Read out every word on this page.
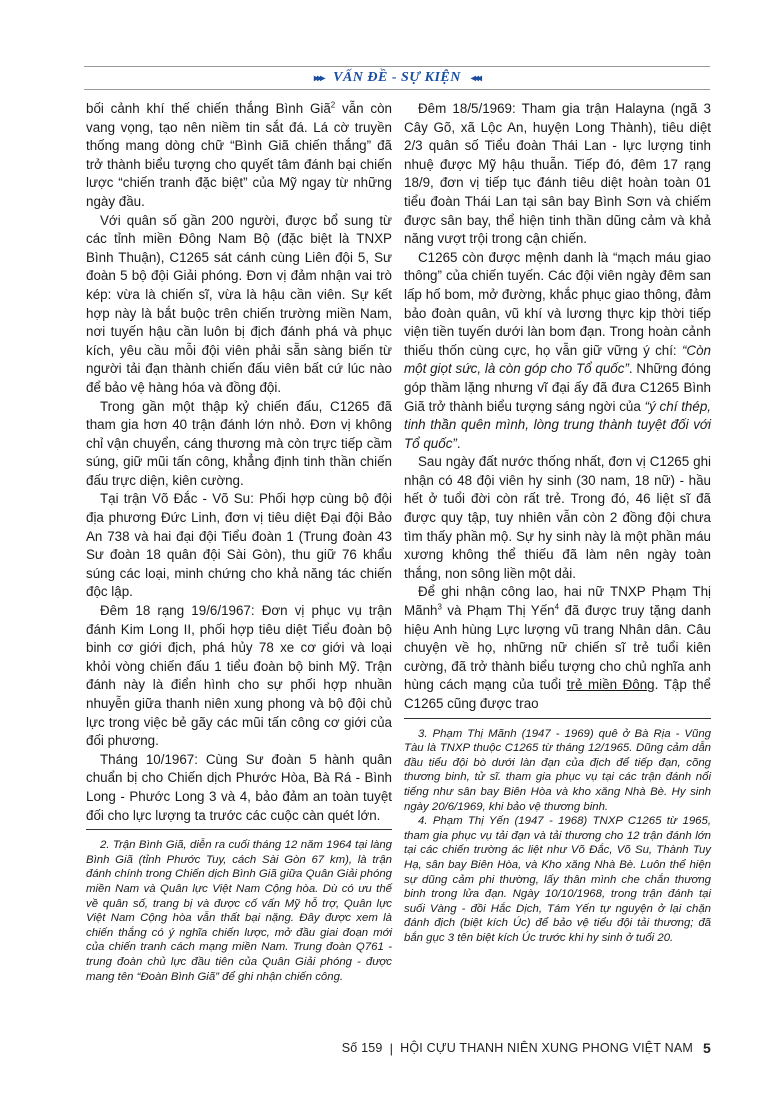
▸▸▸ VẤN ĐỀ - SỰ KIỆN ◂◂◂

bối cảnh khí thế chiến thắng Bình Giã$^2$ vẫn còn vang vọng, tạo nên niềm tin sắt đá. Lá cờ truyền thống mang dòng chữ “Bình Giã chiến thắng” đã trở thành biểu tượng cho quyết tâm đánh bại chiến lược “chiến tranh đặc biệt” của Mỹ ngay từ những ngày đầu.

Với quân số gần 200 người, được bổ sung từ các tỉnh miền Đông Nam Bộ (đặc biệt là TNXP Bình Thuận), C1265 sát cánh cùng Liên đội 5, Sư đoàn 5 bộ đội Giải phóng. Đơn vị đảm nhận vai trò kép: vừa là chiến sĩ, vừa là hậu cần viên. Sự kết hợp này là bắt buộc trên chiến trường miền Nam, nơi tuyến hậu cần luôn bị địch đánh phá và phục kích, yêu cầu mỗi đội viên phải sẵn sàng biến từ người tải đạn thành chiến đấu viên bất cứ lúc nào để bảo vệ hàng hóa và đồng đội.

Trong gần một thập kỷ chiến đấu, C1265 đã tham gia hơn 40 trận đánh lớn nhỏ. Đơn vị không chỉ vận chuyển, cáng thương mà còn trực tiếp cầm súng, giữ mũi tấn công, khẳng định tinh thần chiến đấu trực diện, kiên cường.

Tại trận Võ Đắc - Võ Su: Phối hợp cùng bộ đội địa phương Đức Linh, đơn vị tiêu diệt Đại đội Bảo An 738 và hai đại đội Tiểu đoàn 1 (Trung đoàn 43 Sư đoàn 18 quân đội Sài Gòn), thu giữ 76 khẩu súng các loại, minh chứng cho khả năng tác chiến độc lập.

Đêm 18 rạng 19/6/1967: Đơn vị phục vụ trận đánh Kim Long II, phối hợp tiêu diệt Tiểu đoàn bộ binh cơ giới địch, phá hủy 78 xe cơ giới và loại khỏi vòng chiến đấu 1 tiểu đoàn bộ binh Mỹ. Trận đánh này là điển hình cho sự phối hợp nhuần nhuyễn giữa thanh niên xung phong và bộ đội chủ lực trong việc bẻ gãy các mũi tấn công cơ giới của đối phương.

Tháng 10/1967: Cùng Sư đoàn 5 hành quân chuẩn bị cho Chiến dịch Phước Hòa, Bà Rá - Bình Long - Phước Long 3 và 4, bảo đảm an toàn tuyệt đối cho lực lượng ta trước các cuộc càn quét lớn.

2. Trận Bình Giã, diễn ra cuối tháng 12 năm 1964 tại làng Bình Giã (tỉnh Phước Tuy, cách Sài Gòn 67 km), là trận đánh chính trong Chiến dịch Bình Giã giữa Quân Giải phóng miền Nam và Quân lực Việt Nam Cộng hòa. Dù có ưu thế về quân số, trang bị và được cố vấn Mỹ hỗ trợ, Quân lực Việt Nam Cộng hòa vẫn thất bại nặng. Đây được xem là chiến thắng có ý nghĩa chiến lược, mở đầu giai đoạn mới của chiến tranh cách mạng miền Nam. Trung đoàn Q761 - trung đoàn chủ lực đầu tiên của Quân Giải phóng - được mang tên “Đoàn Bình Giã” để ghi nhận chiến công.

Đêm 18/5/1969: Tham gia trận Halayna (ngã 3 Cây Gõ, xã Lộc An, huyện Long Thành), tiêu diệt 2/3 quân số Tiểu đoàn Thái Lan - lực lượng tinh nhuệ được Mỹ hậu thuẫn. Tiếp đó, đêm 17 rạng 18/9, đơn vị tiếp tục đánh tiêu diệt hoàn toàn 01 tiểu đoàn Thái Lan tại sân bay Bình Sơn và chiếm được sân bay, thể hiện tinh thần dũng cảm và khả năng vượt trội trong cận chiến.

C1265 còn được mệnh danh là “mạch máu giao thông” của chiến tuyến. Các đội viên ngày đêm san lấp hố bom, mở đường, khắc phục giao thông, đảm bảo đoàn quân, vũ khí và lương thực kịp thời tiếp viện tiền tuyến dưới làn bom đạn. Trong hoàn cảnh thiếu thốn cùng cực, họ vẫn giữ vững ý chí: “Còn một giọt sức, là còn góp cho Tổ quốc”. Những đóng góp thầm lặng nhưng vĩ đại ấy đã đưa C1265 Bình Giã trở thành biểu tượng sáng ngời của “ý chí thép, tinh thần quên mình, lòng trung thành tuyệt đối với Tổ quốc”.

Sau ngày đất nước thống nhất, đơn vị C1265 ghi nhận có 48 đội viên hy sinh (30 nam, 18 nữ) - hầu hết ở tuổi đời còn rất trẻ. Trong đó, 46 liệt sĩ đã được quy tập, tuy nhiên vẫn còn 2 đồng đội chưa tìm thấy phần mộ. Sự hy sinh này là một phần máu xương không thể thiếu đã làm nên ngày toàn thắng, non sông liền một dải.

Để ghi nhận công lao, hai nữ TNXP Phạm Thị Mãnh$^3$ và Phạm Thị Yến$^4$ đã được truy tặng danh hiệu Anh hùng Lực lượng vũ trang Nhân dân. Câu chuyện về họ, những nữ chiến sĩ trẻ tuổi kiên cường, đã trở thành biểu tượng cho chủ nghĩa anh hùng cách mạng của tuổi trẻ miền Đông. Tập thể C1265 cũng được trao

3. Phạm Thị Mãnh (1947 - 1969) quê ở Bà Rịa - Vũng Tàu là TNXP thuộc C1265 từ tháng 12/1965. Dũng cảm dẫn đầu tiểu đội bò dưới làn đạn của địch để tiếp đạn, cõng thương binh, tử sĩ. tham gia phục vụ tại các trận đánh nổi tiếng như sân bay Biên Hòa và kho xăng Nhà Bè. Hy sinh ngày 20/6/1969, khi bảo vệ thương binh.

4. Phạm Thị Yến (1947 - 1968) TNXP C1265 từ 1965, tham gia phục vụ tải đạn và tải thương cho 12 trận đánh lớn tại các chiến trường ác liệt như Võ Đắc, Võ Su, Thành Tuy Hạ, sân bay Biên Hòa, và Kho xăng Nhà Bè. Luôn thể hiện sự dũng cảm phi thường, lấy thân mình che chắn thương binh trong lửa đạn. Ngày 10/10/1968, trong trận đánh tại suối Vàng - đồi Hắc Dịch, Tám Yến tự nguyện ở lại chặn đánh địch (biệt kích Úc) để bảo vệ tiểu đội tải thương; đã bắn gục 3 tên biệt kích Úc trước khi hy sinh ở tuổi 20.

Số 159 | HỘI CỰU THANH NIÊN XUNG PHONG VIỆT NAM 5
